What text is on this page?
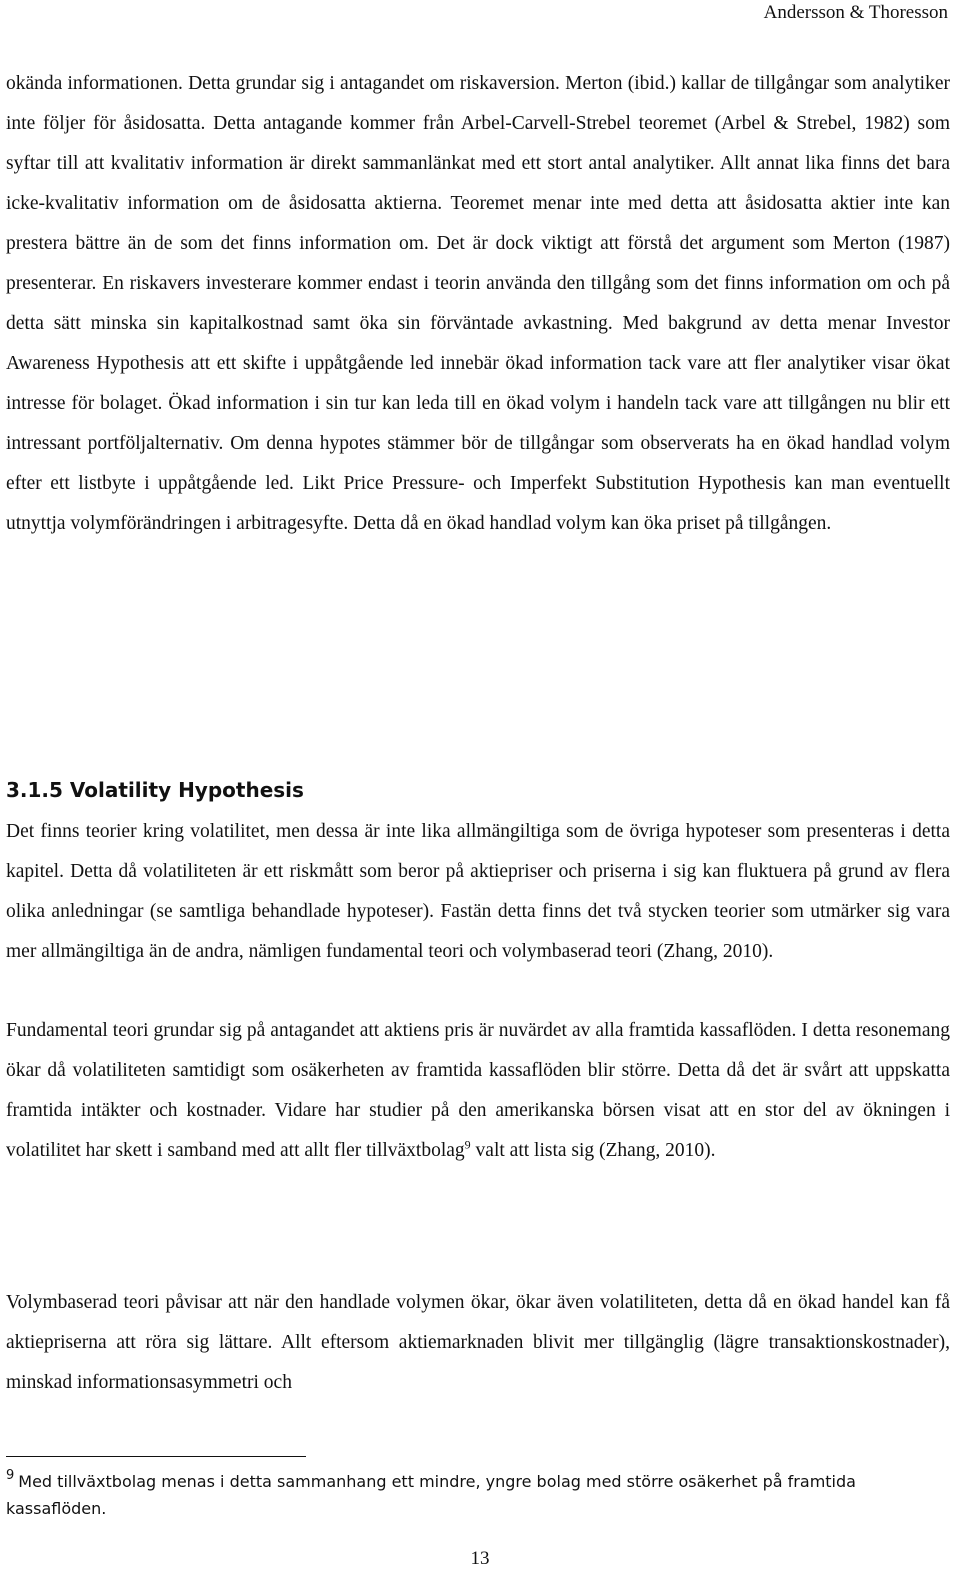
Andersson & Thoresson

okända informationen. Detta grundar sig i antagandet om riskaversion. Merton (ibid.) kallar de tillgångar som analytiker inte följer för åsidosatta. Detta antagande kommer från Arbel-Carvell-Strebel teoremet (Arbel & Strebel, 1982) som syftar till att kvalitativ information är direkt sammanlänkat med ett stort antal analytiker. Allt annat lika finns det bara icke-kvalitativ information om de åsidosatta aktierna. Teoremet menar inte med detta att åsidosatta aktier inte kan prestera bättre än de som det finns information om. Det är dock viktigt att förstå det argument som Merton (1987) presenterar. En riskavers investerare kommer endast i teorin använda den tillgång som det finns information om och på detta sätt minska sin kapitalkostnad samt öka sin förväntade avkastning. Med bakgrund av detta menar Investor Awareness Hypothesis att ett skifte i uppåtgående led innebär ökad information tack vare att fler analytiker visar ökat intresse för bolaget. Ökad information i sin tur kan leda till en ökad volym i handeln tack vare att tillgången nu blir ett intressant portföljalternativ. Om denna hypotes stämmer bör de tillgångar som observerats ha en ökad handlad volym efter ett listbyte i uppåtgående led. Likt Price Pressure- och Imperfekt Substitution Hypothesis kan man eventuellt utnyttja volymförändringen i arbitragesyfte. Detta då en ökad handlad volym kan öka priset på tillgången.

3.1.5 Volatility Hypothesis

Det finns teorier kring volatilitet, men dessa är inte lika allmängiltiga som de övriga hypoteser som presenteras i detta kapitel. Detta då volatiliteten är ett riskmått som beror på aktiepriser och priserna i sig kan fluktuera på grund av flera olika anledningar (se samtliga behandlade hypoteser). Fastän detta finns det två stycken teorier som utmärker sig vara mer allmängiltiga än de andra, nämligen fundamental teori och volymbaserad teori (Zhang, 2010).

Fundamental teori grundar sig på antagandet att aktiens pris är nuvärdet av alla framtida kassaflöden. I detta resonemang ökar då volatiliteten samtidigt som osäkerheten av framtida kassaflöden blir större. Detta då det är svårt att uppskatta framtida intäkter och kostnader. Vidare har studier på den amerikanska börsen visat att en stor del av ökningen i volatilitet har skett i samband med att allt fler tillväxtbolag$^9$ valt att lista sig (Zhang, 2010).

Volymbaserad teori påvisar att när den handlade volymen ökar, ökar även volatiliteten, detta då en ökad handel kan få aktiepriserna att röra sig lättare. Allt eftersom aktiemarknaden blivit mer tillgänglig (lägre transaktionskostnader), minskad informationsasymmetri och

$^9$ Med tillväxtbolag menas i detta sammanhang ett mindre, yngre bolag med större osäkerhet på framtida kassaflöden.

13
